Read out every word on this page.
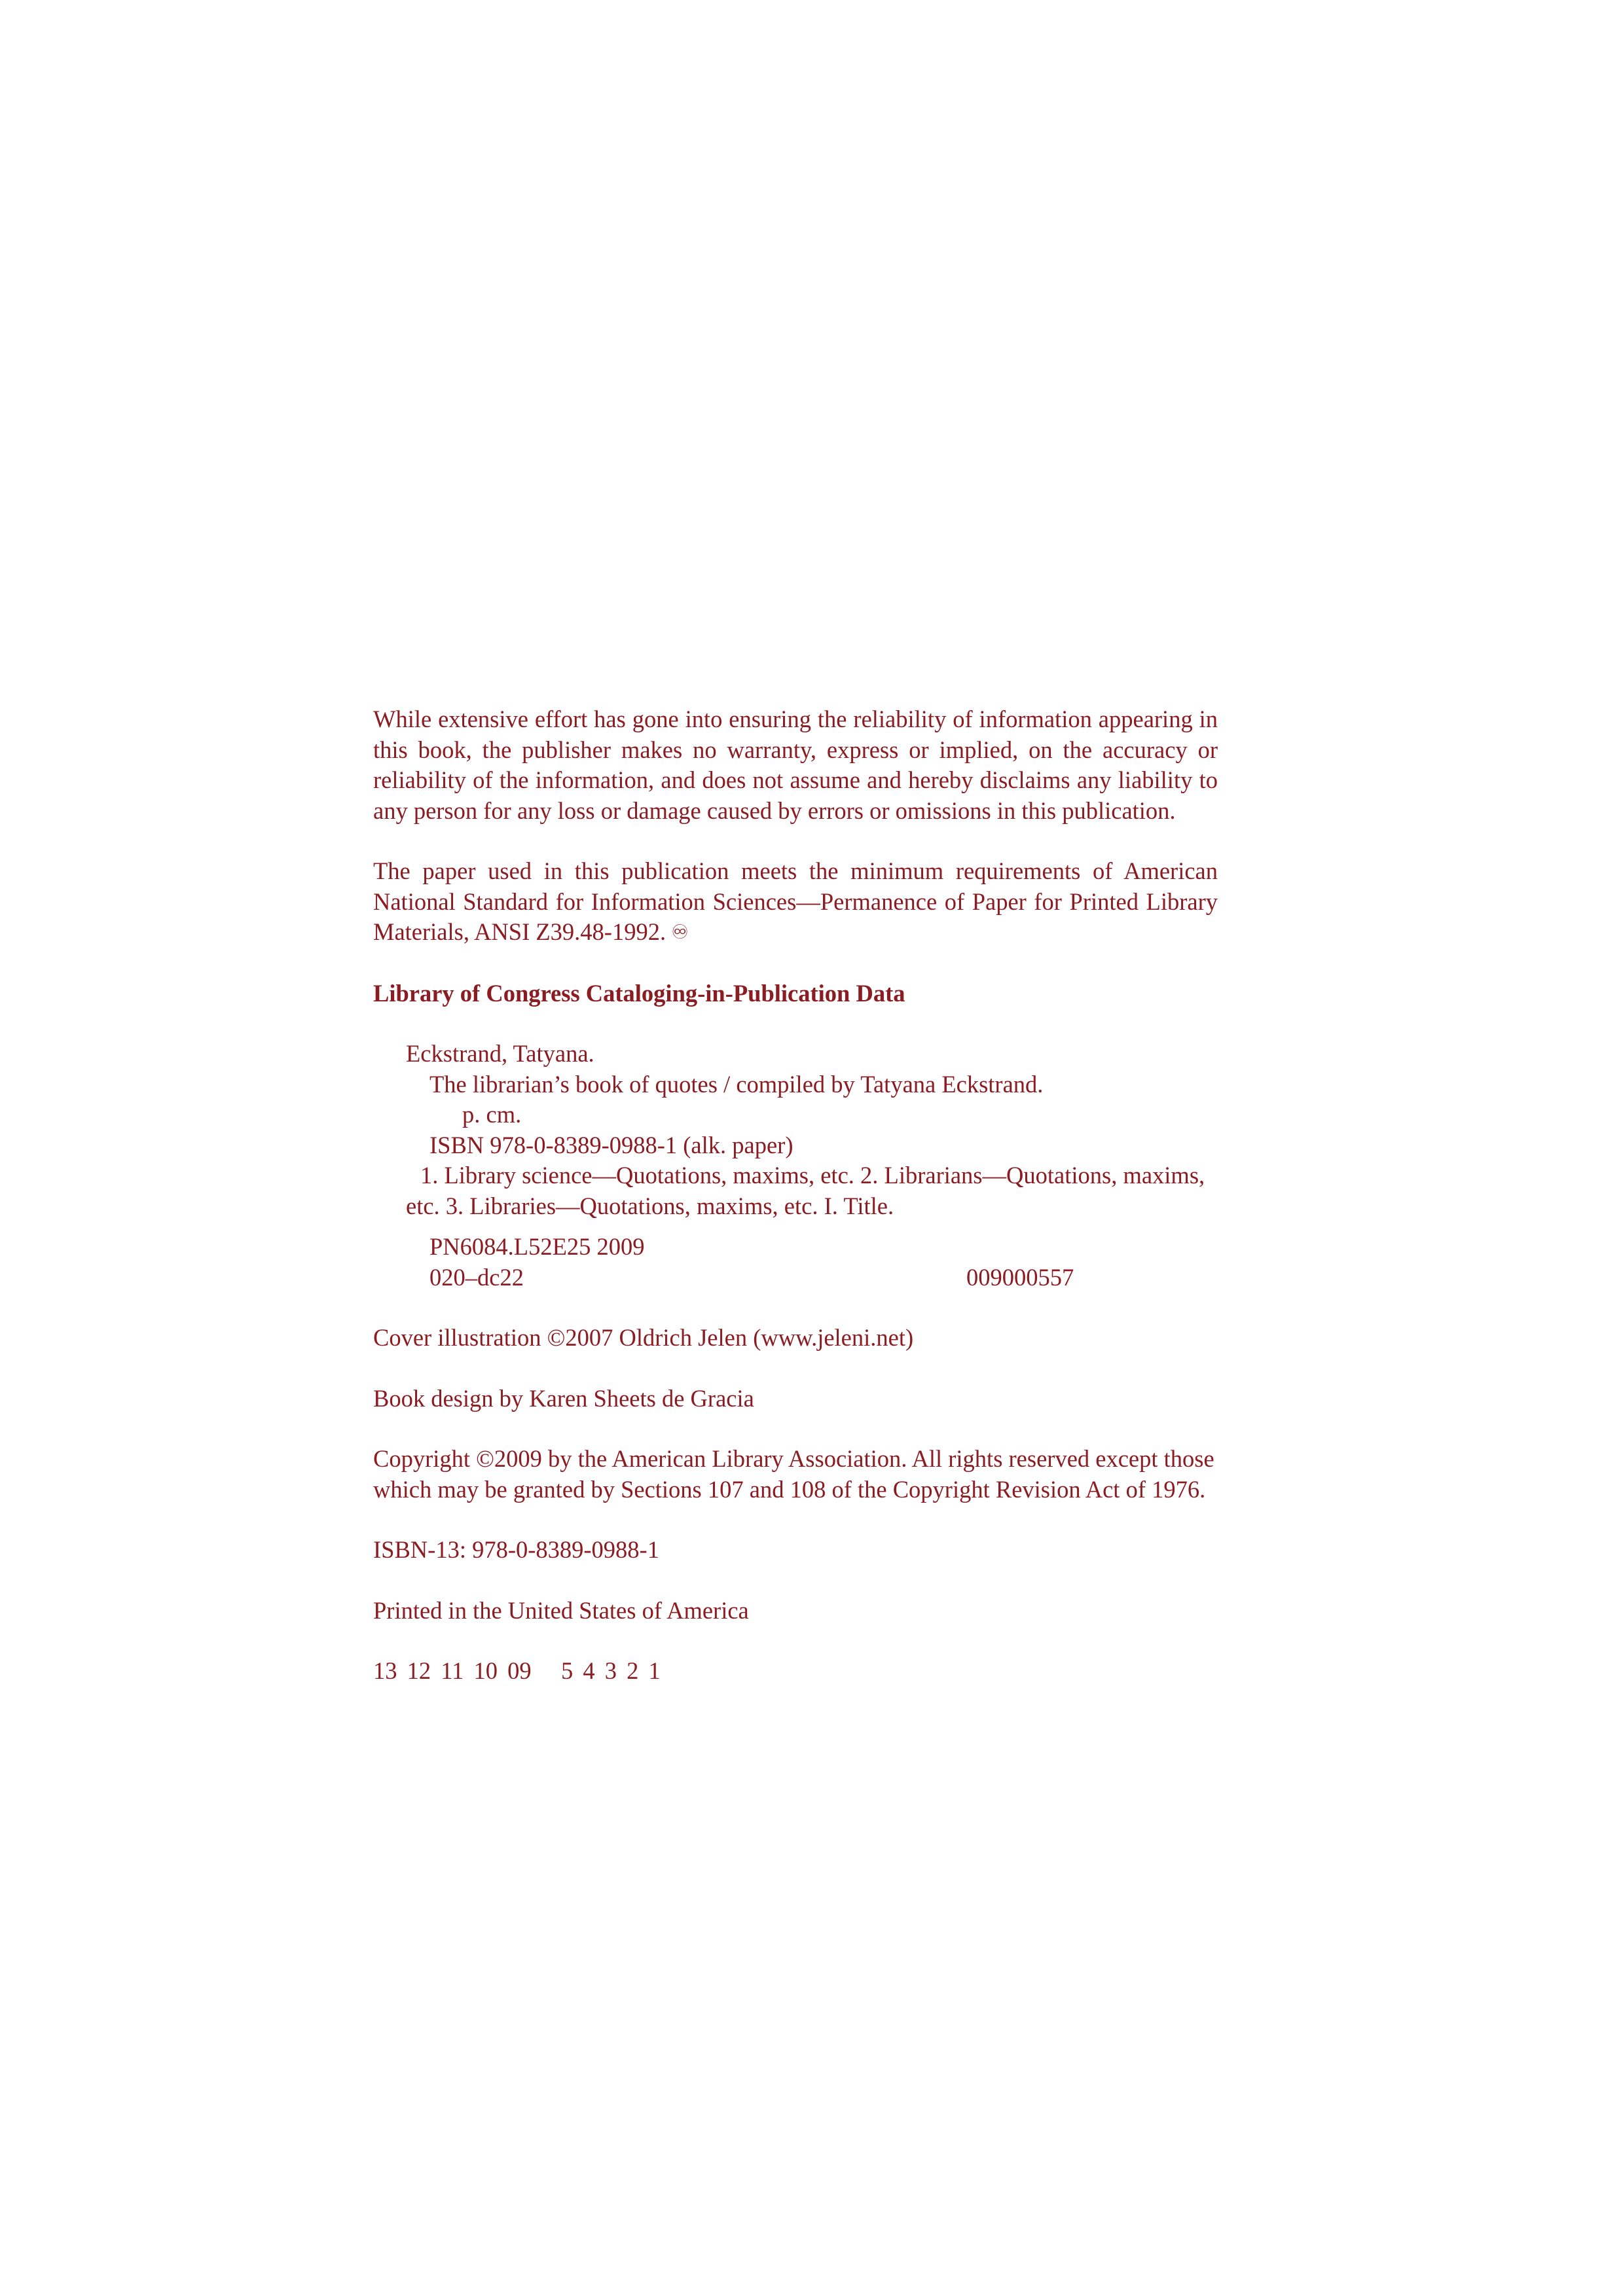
While extensive effort has gone into ensuring the reliability of information appearing in this book, the publisher makes no warranty, express or implied, on the accuracy or reliability of the information, and does not assume and hereby disclaims any liability to any person for any loss or damage caused by errors or omissions in this publication.

The paper used in this publication meets the minimum requirements of American National Standard for Information Sciences—Permanence of Paper for Printed Library Materials, ANSI Z39.48-1992. ♾

Library of Congress Cataloging-in-Publication Data

Eckstrand, Tatyana.

The librarian’s book of quotes / compiled by Tatyana Eckstrand.

p. cm.

ISBN 978-0-8389-0988-1 (alk. paper)

1. Library science—Quotations, maxims, etc. 2. Librarians—Quotations, maxims, etc. 3. Libraries—Quotations, maxims, etc. I. Title.

PN6084.L52E25 2009

020–dc22	009000557

Cover illustration ©2007 Oldrich Jelen (www.jeleni.net)

Book design by Karen Sheets de Gracia

Copyright ©2009 by the American Library Association. All rights reserved except those which may be granted by Sections 107 and 108 of the Copyright Revision Act of 1976.

ISBN-13: 978-0-8389-0988-1

Printed in the United States of America

13 12 11 10 09 5 4 3 2 1
